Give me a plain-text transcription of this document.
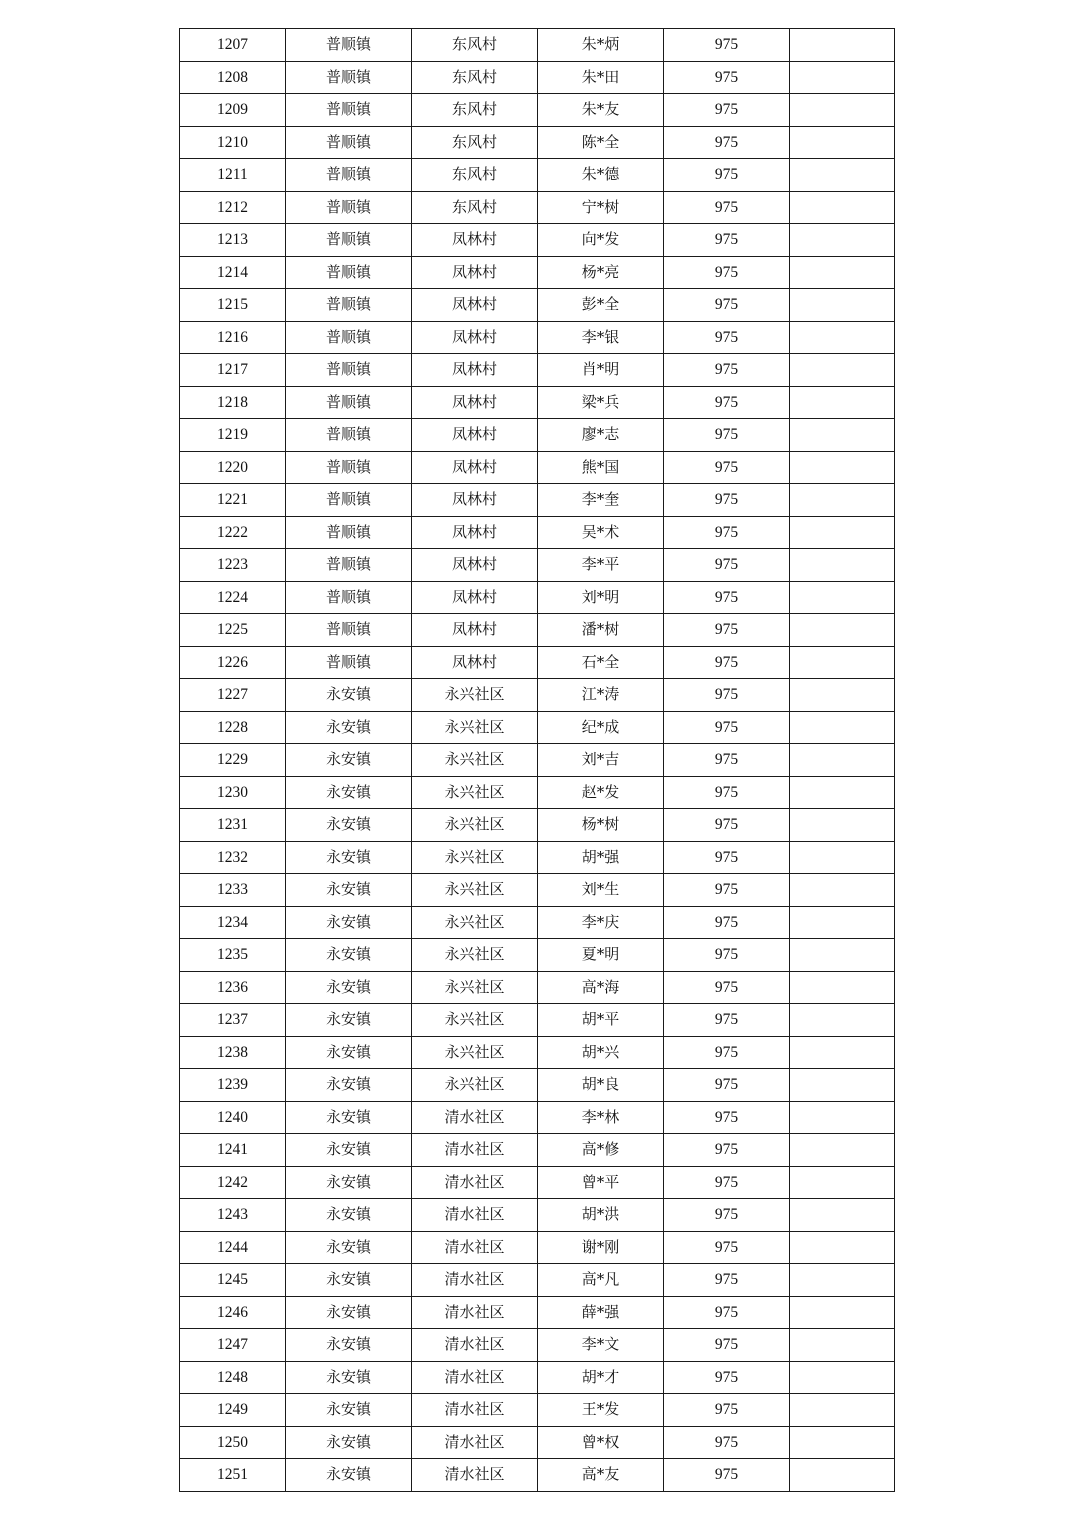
1207	普顺镇	东风村	朱*炳	975	
1208	普顺镇	东风村	朱*田	975	
1209	普顺镇	东风村	朱*友	975	
1210	普顺镇	东风村	陈*全	975	
1211	普顺镇	东风村	朱*德	975	
1212	普顺镇	东风村	宁*树	975	
1213	普顺镇	凤林村	向*发	975	
1214	普顺镇	凤林村	杨*亮	975	
1215	普顺镇	凤林村	彭*全	975	
1216	普顺镇	凤林村	李*银	975	
1217	普顺镇	凤林村	肖*明	975	
1218	普顺镇	凤林村	梁*兵	975	
1219	普顺镇	凤林村	廖*志	975	
1220	普顺镇	凤林村	熊*国	975	
1221	普顺镇	凤林村	李*奎	975	
1222	普顺镇	凤林村	吴*术	975	
1223	普顺镇	凤林村	李*平	975	
1224	普顺镇	凤林村	刘*明	975	
1225	普顺镇	凤林村	潘*树	975	
1226	普顺镇	凤林村	石*全	975	
1227	永安镇	永兴社区	江*涛	975	
1228	永安镇	永兴社区	纪*成	975	
1229	永安镇	永兴社区	刘*吉	975	
1230	永安镇	永兴社区	赵*发	975	
1231	永安镇	永兴社区	杨*树	975	
1232	永安镇	永兴社区	胡*强	975	
1233	永安镇	永兴社区	刘*生	975	
1234	永安镇	永兴社区	李*庆	975	
1235	永安镇	永兴社区	夏*明	975	
1236	永安镇	永兴社区	高*海	975	
1237	永安镇	永兴社区	胡*平	975	
1238	永安镇	永兴社区	胡*兴	975	
1239	永安镇	永兴社区	胡*良	975	
1240	永安镇	清水社区	李*林	975	
1241	永安镇	清水社区	高*修	975	
1242	永安镇	清水社区	曾*平	975	
1243	永安镇	清水社区	胡*洪	975	
1244	永安镇	清水社区	谢*刚	975	
1245	永安镇	清水社区	高*凡	975	
1246	永安镇	清水社区	薛*强	975	
1247	永安镇	清水社区	李*文	975	
1248	永安镇	清水社区	胡*才	975	
1249	永安镇	清水社区	王*发	975	
1250	永安镇	清水社区	曾*权	975	
1251	永安镇	清水社区	高*友	975	
